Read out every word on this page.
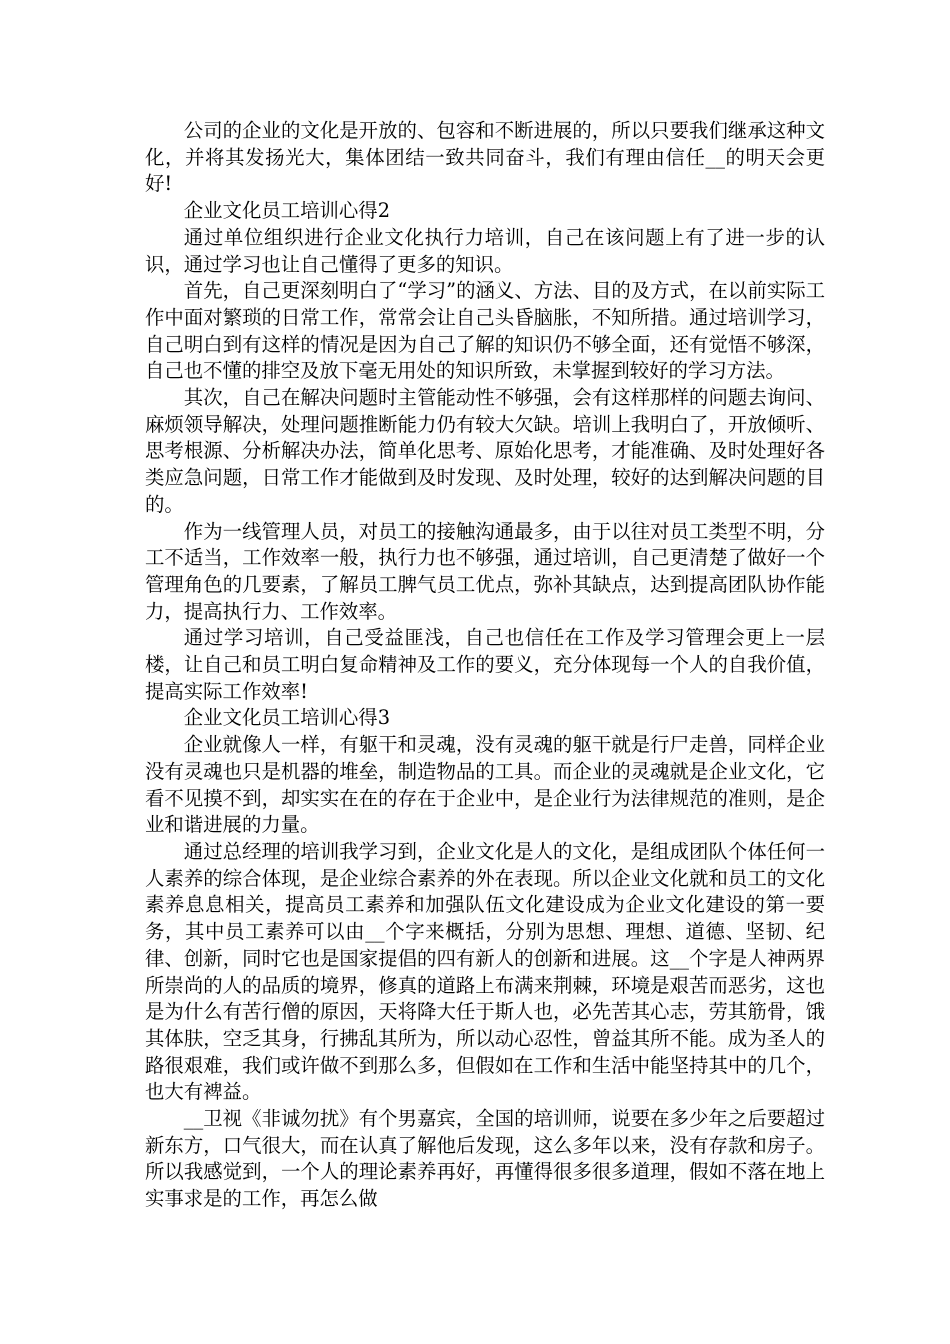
公司的企业的文化是开放的、包容和不断进展的，所以只要我们继承这种文化，并将其发扬光大，集体团结一致共同奋斗，我们有理由信任__的明天会更好!

企业文化员工培训心得2

通过单位组织进行企业文化执行力培训，自己在该问题上有了进一步的认识，通过学习也让自己懂得了更多的知识。

首先，自己更深刻明白了“学习”的涵义、方法、目的及方式，在以前实际工作中面对繁琐的日常工作，常常会让自己头昏脑胀，不知所措。通过培训学习，自己明白到有这样的情况是因为自己了解的知识仍不够全面，还有觉悟不够深，自己也不懂的排空及放下毫无用处的知识所致，未掌握到较好的学习方法。

其次，自己在解决问题时主管能动性不够强，会有这样那样的问题去询问、麻烦领导解决，处理问题推断能力仍有较大欠缺。培训上我明白了，开放倾听、思考根源、分析解决办法，简单化思考、原始化思考，才能准确、及时处理好各类应急问题，日常工作才能做到及时发现、及时处理，较好的达到解决问题的目的。

作为一线管理人员，对员工的接触沟通最多，由于以往对员工类型不明，分工不适当，工作效率一般，执行力也不够强，通过培训，自己更清楚了做好一个管理角色的几要素，了解员工脾气员工优点，弥补其缺点，达到提高团队协作能力，提高执行力、工作效率。

通过学习培训，自己受益匪浅，自己也信任在工作及学习管理会更上一层楼，让自己和员工明白复命精神及工作的要义，充分体现每一个人的自我价值，提高实际工作效率!

企业文化员工培训心得3

企业就像人一样，有躯干和灵魂，没有灵魂的躯干就是行尸走兽，同样企业没有灵魂也只是机器的堆垒，制造物品的工具。而企业的灵魂就是企业文化，它看不见摸不到，却实实在在的存在于企业中，是企业行为法律规范的准则，是企业和谐进展的力量。

通过总经理的培训我学习到，企业文化是人的文化，是组成团队个体任何一人素养的综合体现，是企业综合素养的外在表现。所以企业文化就和员工的文化素养息息相关，提高员工素养和加强队伍文化建设成为企业文化建设的第一要务，其中员工素养可以由__个字来概括，分别为思想、理想、道德、坚韧、纪律、创新，同时它也是国家提倡的四有新人的创新和进展。这__个字是人神两界所崇尚的人的品质的境界，修真的道路上布满来荆棘，环境是艰苦而恶劣，这也是为什么有苦行僧的原因，天将降大任于斯人也，必先苦其心志，劳其筋骨，饿其体肤，空乏其身，行拂乱其所为，所以动心忍性，曾益其所不能。成为圣人的路很艰难，我们或许做不到那么多，但假如在工作和生活中能坚持其中的几个，也大有裨益。

__卫视《非诚勿扰》有个男嘉宾，全国的培训师，说要在多少年之后要超过新东方，口气很大，而在认真了解他后发现，这么多年以来，没有存款和房子。所以我感觉到，一个人的理论素养再好，再懂得很多很多道理，假如不落在地上实事求是的工作，再怎么做
